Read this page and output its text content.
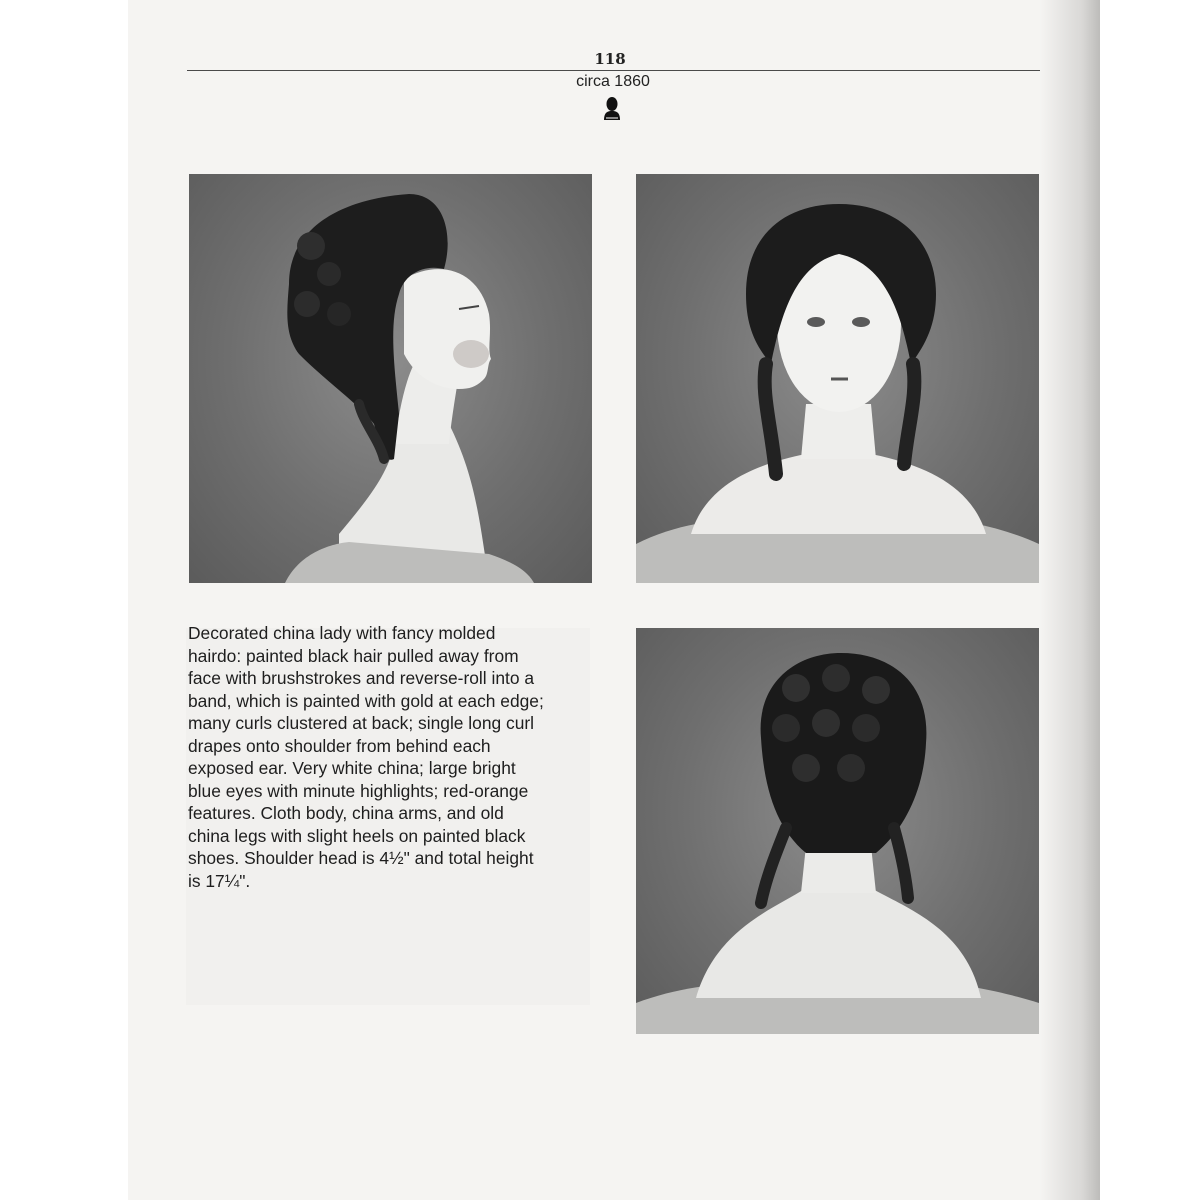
118
circa 1860
Decorated china lady with fancy molded
hairdo: painted black hair pulled away from
face with brushstrokes and reverse-roll into a
band, which is painted with gold at each edge;
many curls clustered at back; single long curl
drapes onto shoulder from behind each
exposed ear. Very white china; large bright
blue eyes with minute highlights; red-orange
features. Cloth body, china arms, and old
china legs with slight heels on painted black
shoes. Shoulder head is 4½" and total height
is 17¼".
